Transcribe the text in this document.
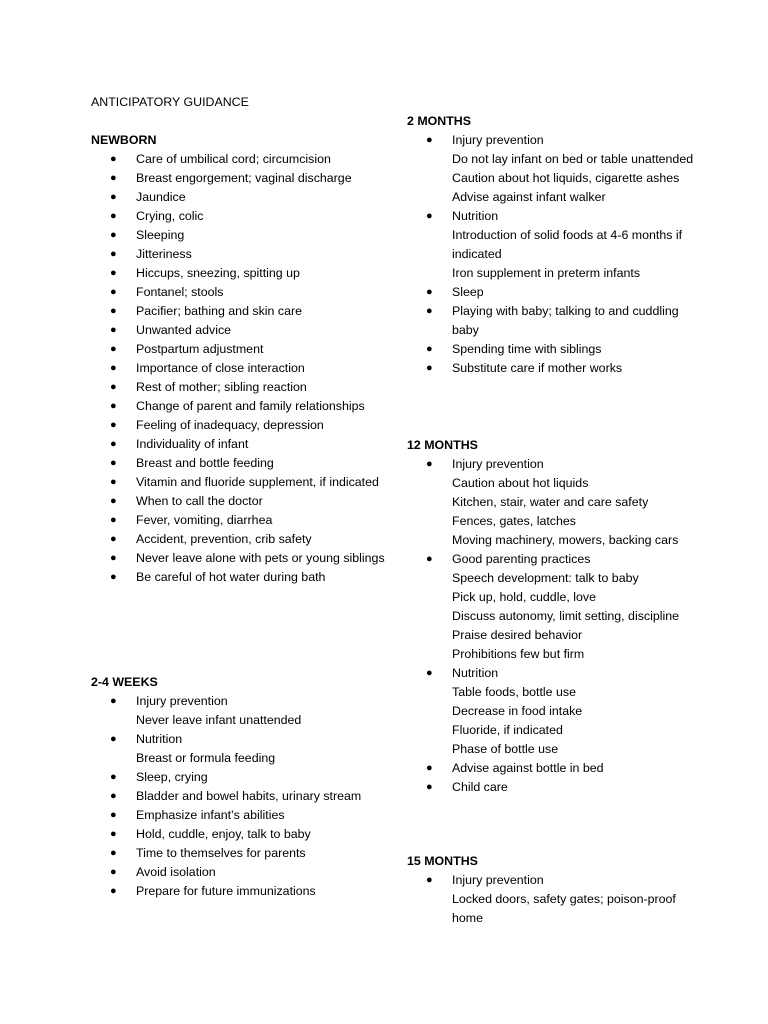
ANTICIPATORY GUIDANCE
NEWBORN
● Care of umbilical cord; circumcision
● Breast engorgement; vaginal discharge
● Jaundice
● Crying, colic
● Sleeping
● Jitteriness
● Hiccups, sneezing, spitting up
● Fontanel; stools
● Pacifier; bathing and skin care
● Unwanted advice
● Postpartum adjustment
● Importance of close interaction
● Rest of mother; sibling reaction
● Change of parent and family relationships
● Feeling of inadequacy, depression
● Individuality of infant
● Breast and bottle feeding
● Vitamin and fluoride supplement, if indicated
● When to call the doctor
● Fever, vomiting, diarrhea
● Accident, prevention, crib safety
● Never leave alone with pets or young siblings
● Be careful of hot water during bath
2-4 WEEKS
● Injury prevention
Never leave infant unattended
● Nutrition
Breast or formula feeding
● Sleep, crying
● Bladder and bowel habits, urinary stream
● Emphasize infant’s abilities
● Hold, cuddle, enjoy, talk to baby
● Time to themselves for parents
● Avoid isolation
● Prepare for future immunizations
2 MONTHS
● Injury prevention
Do not lay infant on bed or table unattended
Caution about hot liquids, cigarette ashes
Advise against infant walker
● Nutrition
Introduction of solid foods at 4-6 months if indicated
Iron supplement in preterm infants
● Sleep
● Playing with baby; talking to and cuddling baby
● Spending time with siblings
● Substitute care if mother works
12 MONTHS
● Injury prevention
Caution about hot liquids
Kitchen, stair, water and care safety
Fences, gates, latches
Moving machinery, mowers, backing cars
● Good parenting practices
Speech development: talk to baby
Pick up, hold, cuddle, love
Discuss autonomy, limit setting, discipline
Praise desired behavior
Prohibitions few but firm
● Nutrition
Table foods, bottle use
Decrease in food intake
Fluoride, if indicated
Phase of bottle use
● Advise against bottle in bed
● Child care
15 MONTHS
● Injury prevention
Locked doors, safety gates; poison-proof home
